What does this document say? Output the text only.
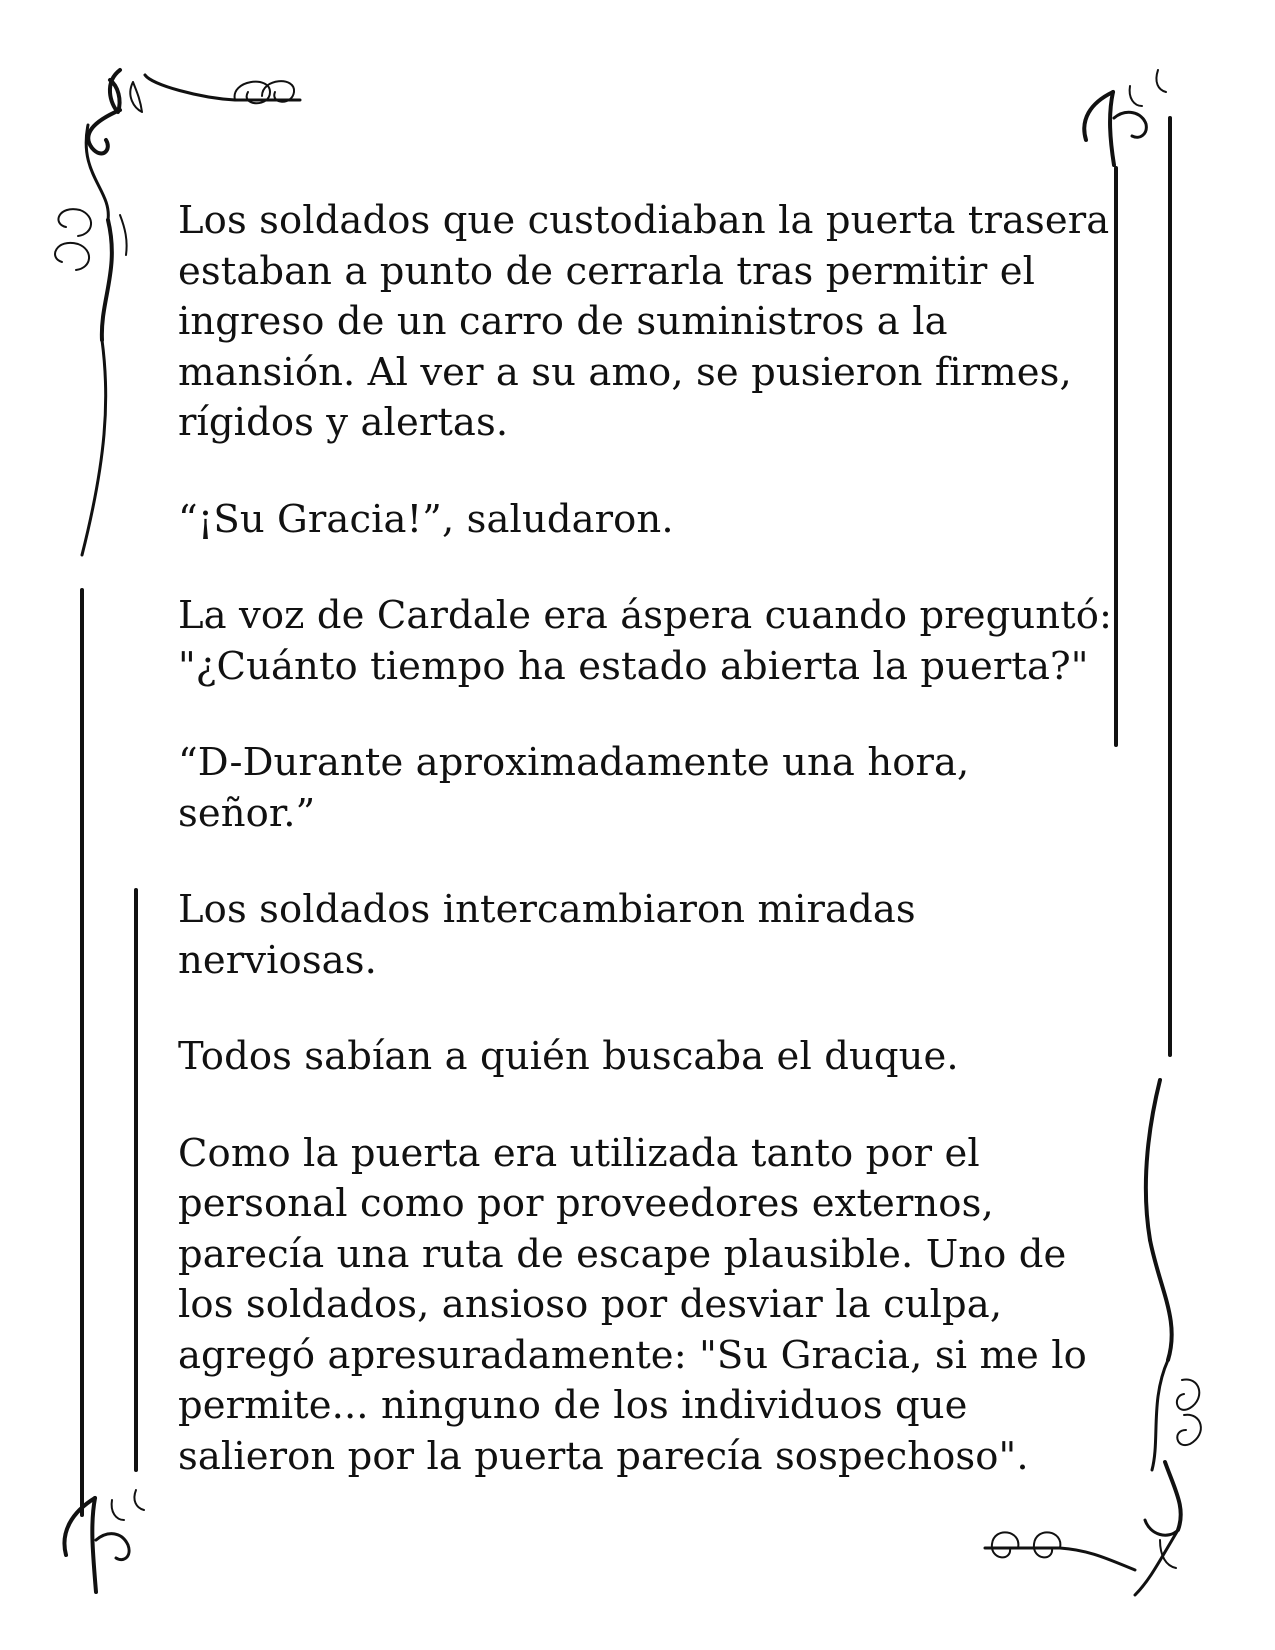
Los soldados que custodiaban la puerta trasera
estaban a punto de cerrarla tras permitir el
ingreso de un carro de suministros a la
mansión. Al ver a su amo, se pusieron firmes,
rígidos y alertas.

“¡Su Gracia!”, saludaron.

La voz de Cardale era áspera cuando preguntó:
"¿Cuánto tiempo ha estado abierta la puerta?"

“D-Durante aproximadamente una hora,
señor.”

Los soldados intercambiaron miradas
nerviosas.

Todos sabían a quién buscaba el duque.

Como la puerta era utilizada tanto por el
personal como por proveedores externos,
parecía una ruta de escape plausible. Uno de
los soldados, ansioso por desviar la culpa,
agregó apresuradamente: "Su Gracia, si me lo
permite... ninguno de los individuos que
salieron por la puerta parecía sospechoso".
